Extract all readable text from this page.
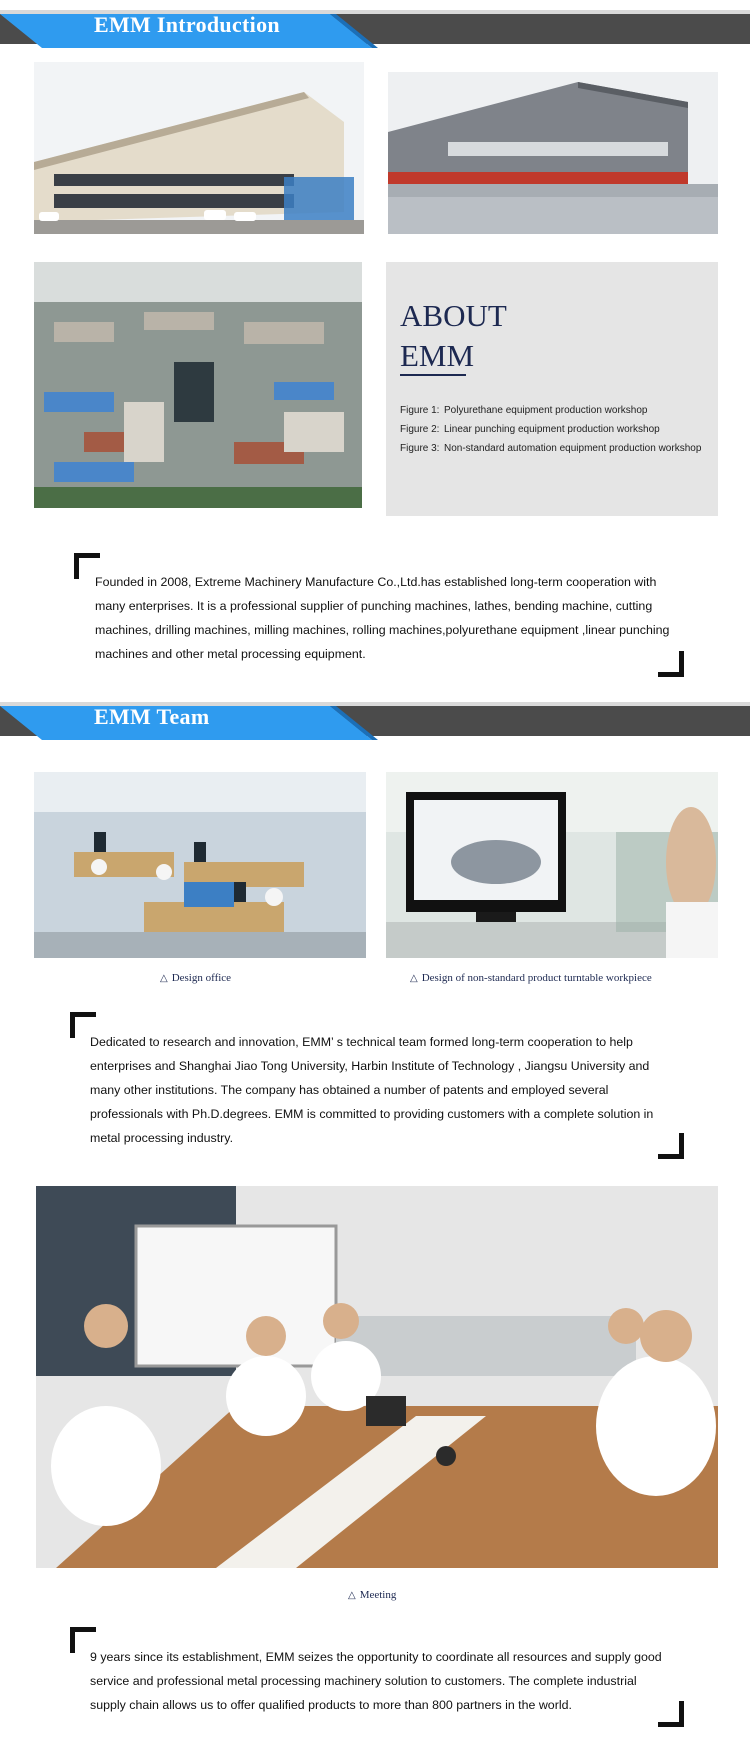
EMM Introduction
ABOUT
EMM
Figure 1: Polyurethane equipment production workshop
Figure 2: Linear punching equipment production workshop
Figure 3: Non-standard automation equipment production workshop
Founded in 2008, Extreme Machinery Manufacture Co.,Ltd.has established long-term cooperation with many enterprises. It is a professional supplier of punching machines, lathes, bending machine, cutting machines, drilling machines, milling machines, rolling machines,polyurethane equipment ,linear punching machines and other metal processing equipment.
EMM Team
△ Design office	△ Design of non-standard product turntable workpiece
Dedicated to research and innovation, EMM’ s technical team formed long-term cooperation to help enterprises and Shanghai Jiao Tong University, Harbin Institute of Technology , Jiangsu University and many other institutions. The company has obtained a number of patents and employed several professionals with Ph.D.degrees. EMM is committed to providing customers with a complete solution in metal processing industry.
△ Meeting
9 years since its establishment, EMM seizes the opportunity to coordinate all resources and supply good service and professional metal processing machinery solution to customers. The complete industrial supply chain allows us to offer qualified products to more than 800 partners in the world.
